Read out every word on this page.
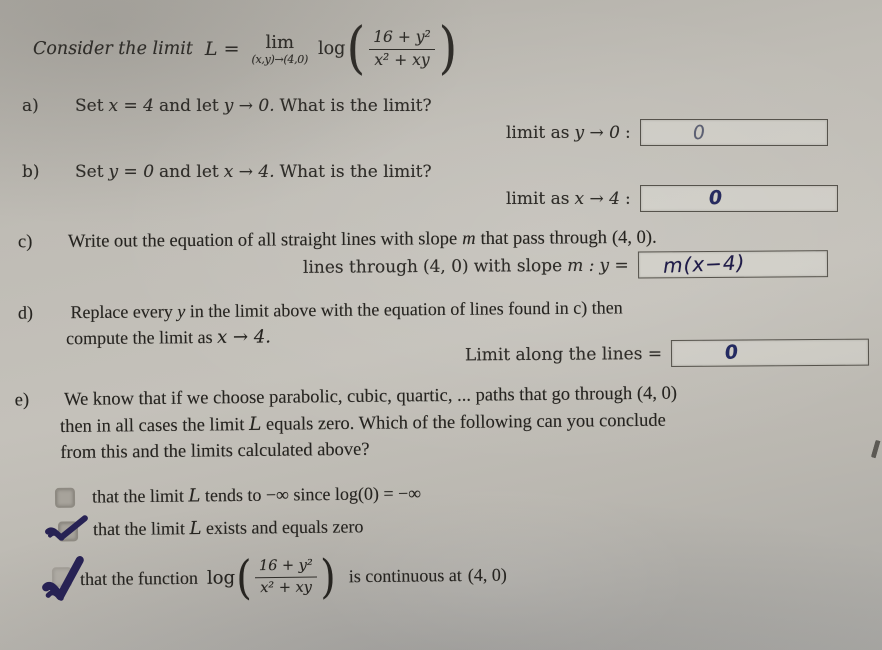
Consider the limit L = lim
(x,y)→(4,0) log ( $\frac{\text{16 + y²}}{\text{x² + xy}}$ )
a)	Set x = 4 and let y → 0. What is the limit?
limit as y → 0 :	0
b)	Set y = 0 and let x → 4. What is the limit?
limit as x → 4 :	0
c)	Write out the equation of all straight lines with slope m that pass through (4, 0).
lines through (4, 0) with slope m : y = m(x−4)
d) Replace every y in the limit above with the equation of lines found in c) then
compute the limit as x → 4.
Limit along the lines =	0
e) We know that if we choose parabolic, cubic, quartic, ... paths that go through (4, 0)
then in all cases the limit L equals zero. Which of the following can you conclude
from this and the limits calculated above?
that the limit L tends to −∞ since log(0) = −∞
that the limit L exists and equals zero
that the function log ( $\frac{\text{16 + y²}}{\text{x² + xy}}$ ) is continuous at (4, 0)
